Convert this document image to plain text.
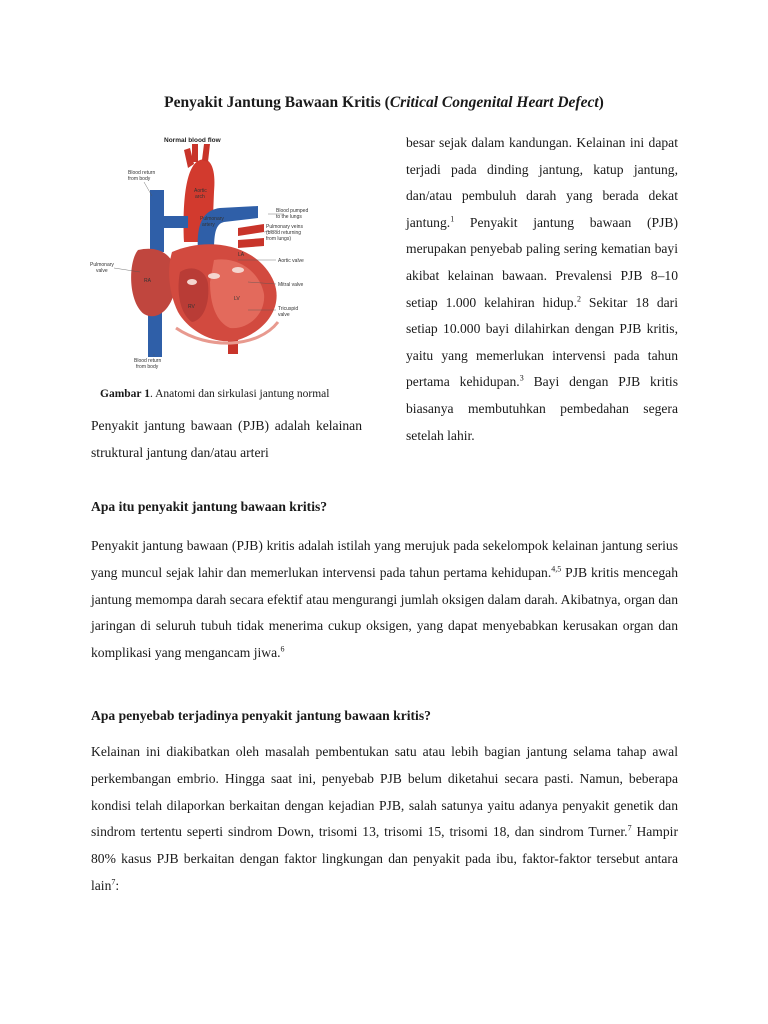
Penyakit Jantung Bawaan Kritis (Critical Congenital Heart Defect)
Normal blood flow
RA
LA
RV
LV
Aortic
arch
Pulmonary
artery
Blood return
from body
Blood pumped
to the lungs
Pulmonary veins
(blood returning
from lungs)
Pulmonary
valve
Aortic valve
Mitral valve
Tricuspid
valve
Blood return
from body
Gambar 1. Anatomi dan sirkulasi jantung normal
besar sejak dalam kandungan. Kelainan ini dapat terjadi pada dinding jantung, katup jantung, dan/atau pembuluh darah yang berada dekat jantung.$^1$ Penyakit jantung bawaan (PJB) merupakan penyebab paling sering kematian bayi akibat kelainan bawaan. Prevalensi PJB 8–10 setiap 1.000 kelahiran hidup.$^2$ Sekitar 18 dari setiap 10.000 bayi dilahirkan dengan PJB kritis, yaitu yang memerlukan intervensi pada tahun pertama kehidupan.$^3$ Bayi dengan PJB kritis biasanya membutuhkan pembedahan segera setelah lahir.
Penyakit jantung bawaan (PJB) adalah kelainan struktural jantung dan/atau arteri
Apa itu penyakit jantung bawaan kritis?
Penyakit jantung bawaan (PJB) kritis adalah istilah yang merujuk pada sekelompok kelainan jantung serius yang muncul sejak lahir dan memerlukan intervensi pada tahun pertama kehidupan.$^{4,5}$ PJB kritis mencegah jantung memompa darah secara efektif atau mengurangi jumlah oksigen dalam darah. Akibatnya, organ dan jaringan di seluruh tubuh tidak menerima cukup oksigen, yang dapat menyebabkan kerusakan organ dan komplikasi yang mengancam jiwa.$^6$
Apa penyebab terjadinya penyakit jantung bawaan kritis?
Kelainan ini diakibatkan oleh masalah pembentukan satu atau lebih bagian jantung selama tahap awal perkembangan embrio. Hingga saat ini, penyebab PJB belum diketahui secara pasti. Namun, beberapa kondisi telah dilaporkan berkaitan dengan kejadian PJB, salah satunya yaitu adanya penyakit genetik dan sindrom tertentu seperti sindrom Down, trisomi 13, trisomi 15, trisomi 18, dan sindrom Turner.$^7$ Hampir 80% kasus PJB berkaitan dengan faktor lingkungan dan penyakit pada ibu, faktor-faktor tersebut antara lain$^7$:
